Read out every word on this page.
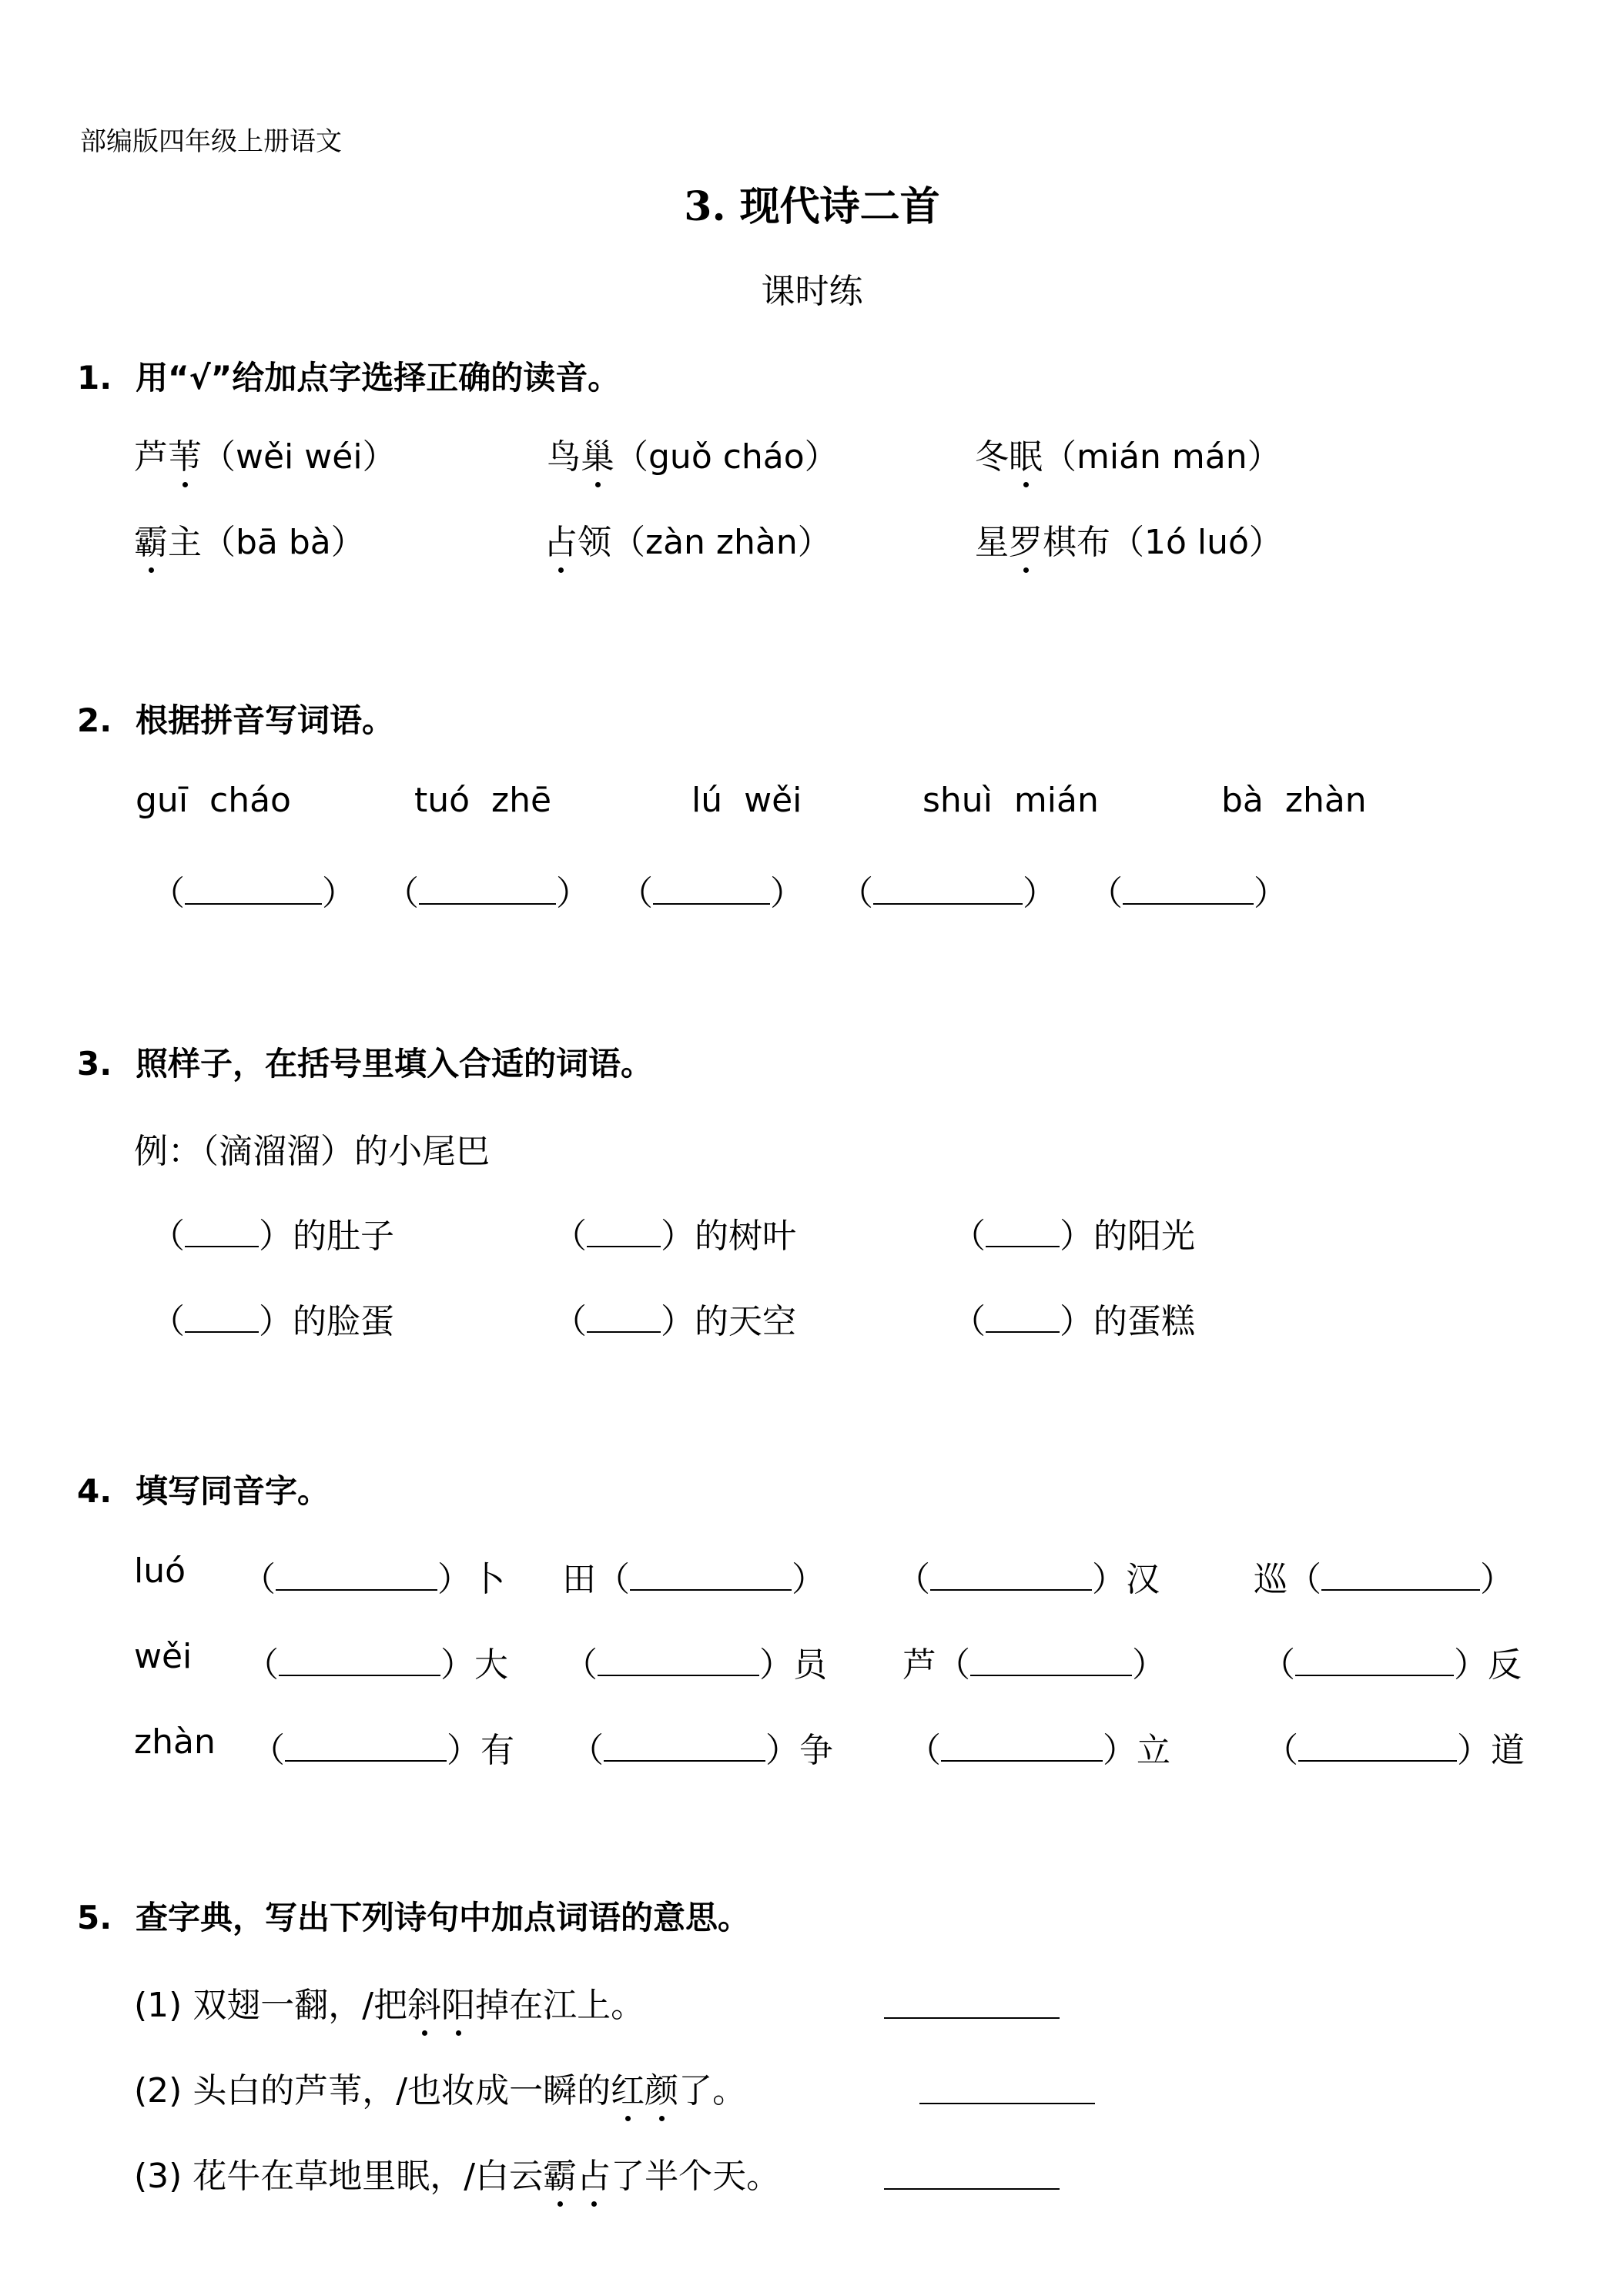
部编版四年级上册语文
3. 现代诗二首
课时练
1. 用“√”给加点字选择正确的读音。
芦苇（wěi wéi）	鸟巢（guǒ cháo）	冬眠（mián mán）
霸主（bā bà）	占领（zàn zhàn）	星罗棋布（1ó luó）
2. 根据拼音写词语。
guī  cháo	tuó  zhē	lú  wěi	shuì  mián	bà  zhàn
（	） （	） （	） （	） （	）
3. 照样子，在括号里填入合适的词语。
例：（滴溜溜）的小尾巴
（ ）的肚子	（ ）的树叶	（ ）的阳光
（ ）的脸蛋	（ ）的天空	（ ）的蛋糕
4. 填写同音字。
luó （	）卜 田（	） （	）汉	巡（	）
wěi （	）大 （	）员 芦（	）	（	）反
zhàn （	）有 （	）争 （	）立	（	）道
5. 查字典，写出下列诗句中加点词语的意思。
(1) 双翅一翻，/把斜阳掉在江上。
(2) 头白的芦苇，/也妆成一瞬的红颜了。
(3) 花牛在草地里眠，/白云霸占了半个天。
